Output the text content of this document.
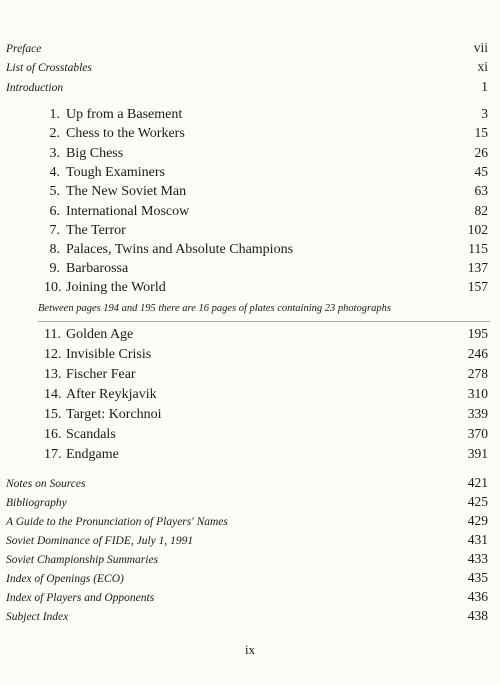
Preface	vii
List of Crosstables	xi
Introduction	1
1. Up from a Basement	3
2. Chess to the Workers	15
3. Big Chess	26
4. Tough Examiners	45
5. The New Soviet Man	63
6. International Moscow	82
7. The Terror	102
8. Palaces, Twins and Absolute Champions	115
9. Barbarossa	137
10. Joining the World	157
Between pages 194 and 195 there are 16 pages of plates containing 23 photographs
11. Golden Age	195
12. Invisible Crisis	246
13. Fischer Fear	278
14. After Reykjavik	310
15. Target: Korchnoi	339
16. Scandals	370
17. Endgame	391
Notes on Sources	421
Bibliography	425
A Guide to the Pronunciation of Players' Names	429
Soviet Dominance of FIDE, July 1, 1991	431
Soviet Championship Summaries	433
Index of Openings (ECO)	435
Index of Players and Opponents	436
Subject Index	438
ix
